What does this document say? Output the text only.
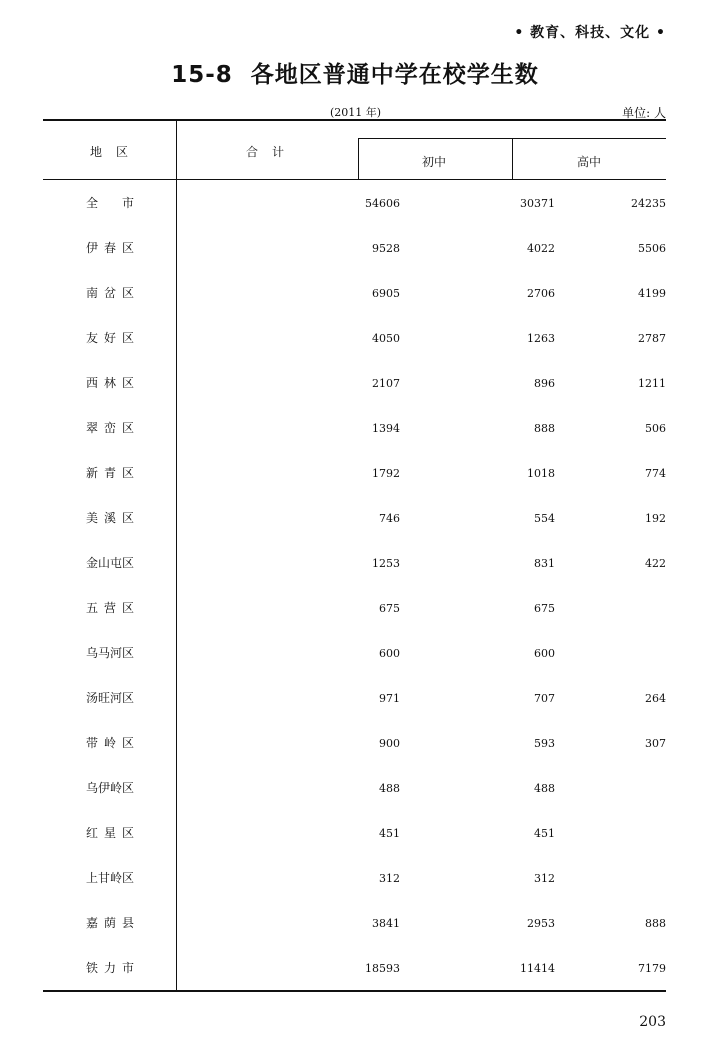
• 教育、科技、文化 •
15-8 各地区普通中学在校学生数
(2011 年)	单位: 人
地区	合计
初中	高中
全市	54606	30371	24235
伊春区	9528	4022	5506
南岔区	6905	2706	4199
友好区	4050	1263	2787
西林区	2107	896	1211
翠峦区	1394	888	506
新青区	1792	1018	774
美溪区	746	554	192
金山屯区	1253	831	422
五营区	675	675
乌马河区	600	600
汤旺河区	971	707	264
带岭区	900	593	307
乌伊岭区	488	488
红星区	451	451
上甘岭区	312	312
嘉荫县	3841	2953	888
铁力市	18593	11414	7179
203
